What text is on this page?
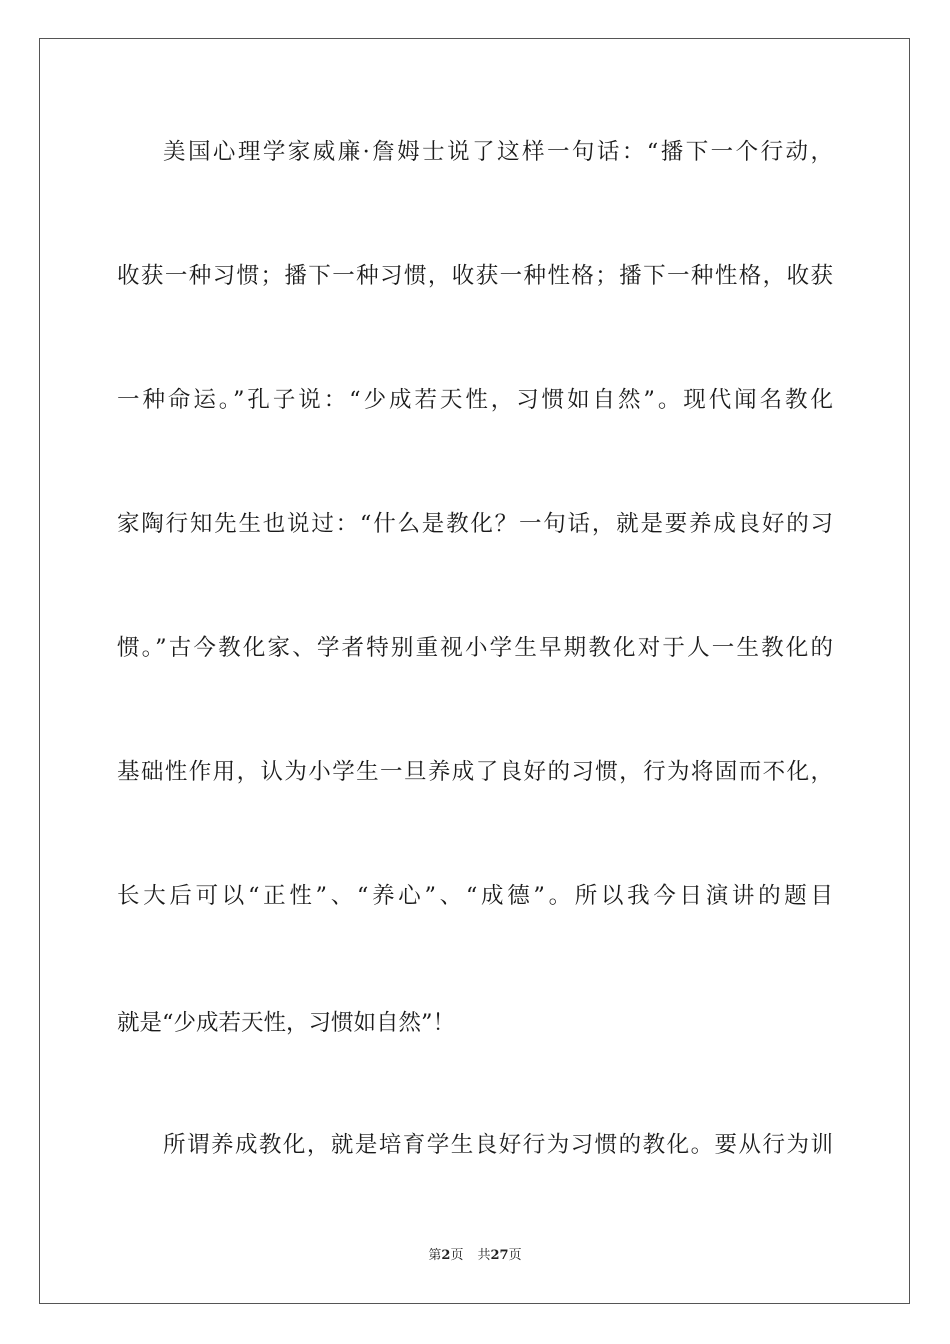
美国心理学家威廉·詹姆士说了这样一句话：“播下一个行动，

收获一种习惯；播下一种习惯，收获一种性格；播下一种性格，收获

一种命运。”孔子说：“少成若天性，习惯如自然”。现代闻名教化

家陶行知先生也说过：“什么是教化？一句话，就是要养成良好的习

惯。”古今教化家、学者特别重视小学生早期教化对于人一生教化的

基础性作用，认为小学生一旦养成了良好的习惯，行为将固而不化，

长大后可以“正性”、“养心”、“成德”。所以我今日演讲的题目

就是“少成若天性，习惯如自然”！

所谓养成教化，就是培育学生良好行为习惯的教化。要从行为训

第2页 共27页
